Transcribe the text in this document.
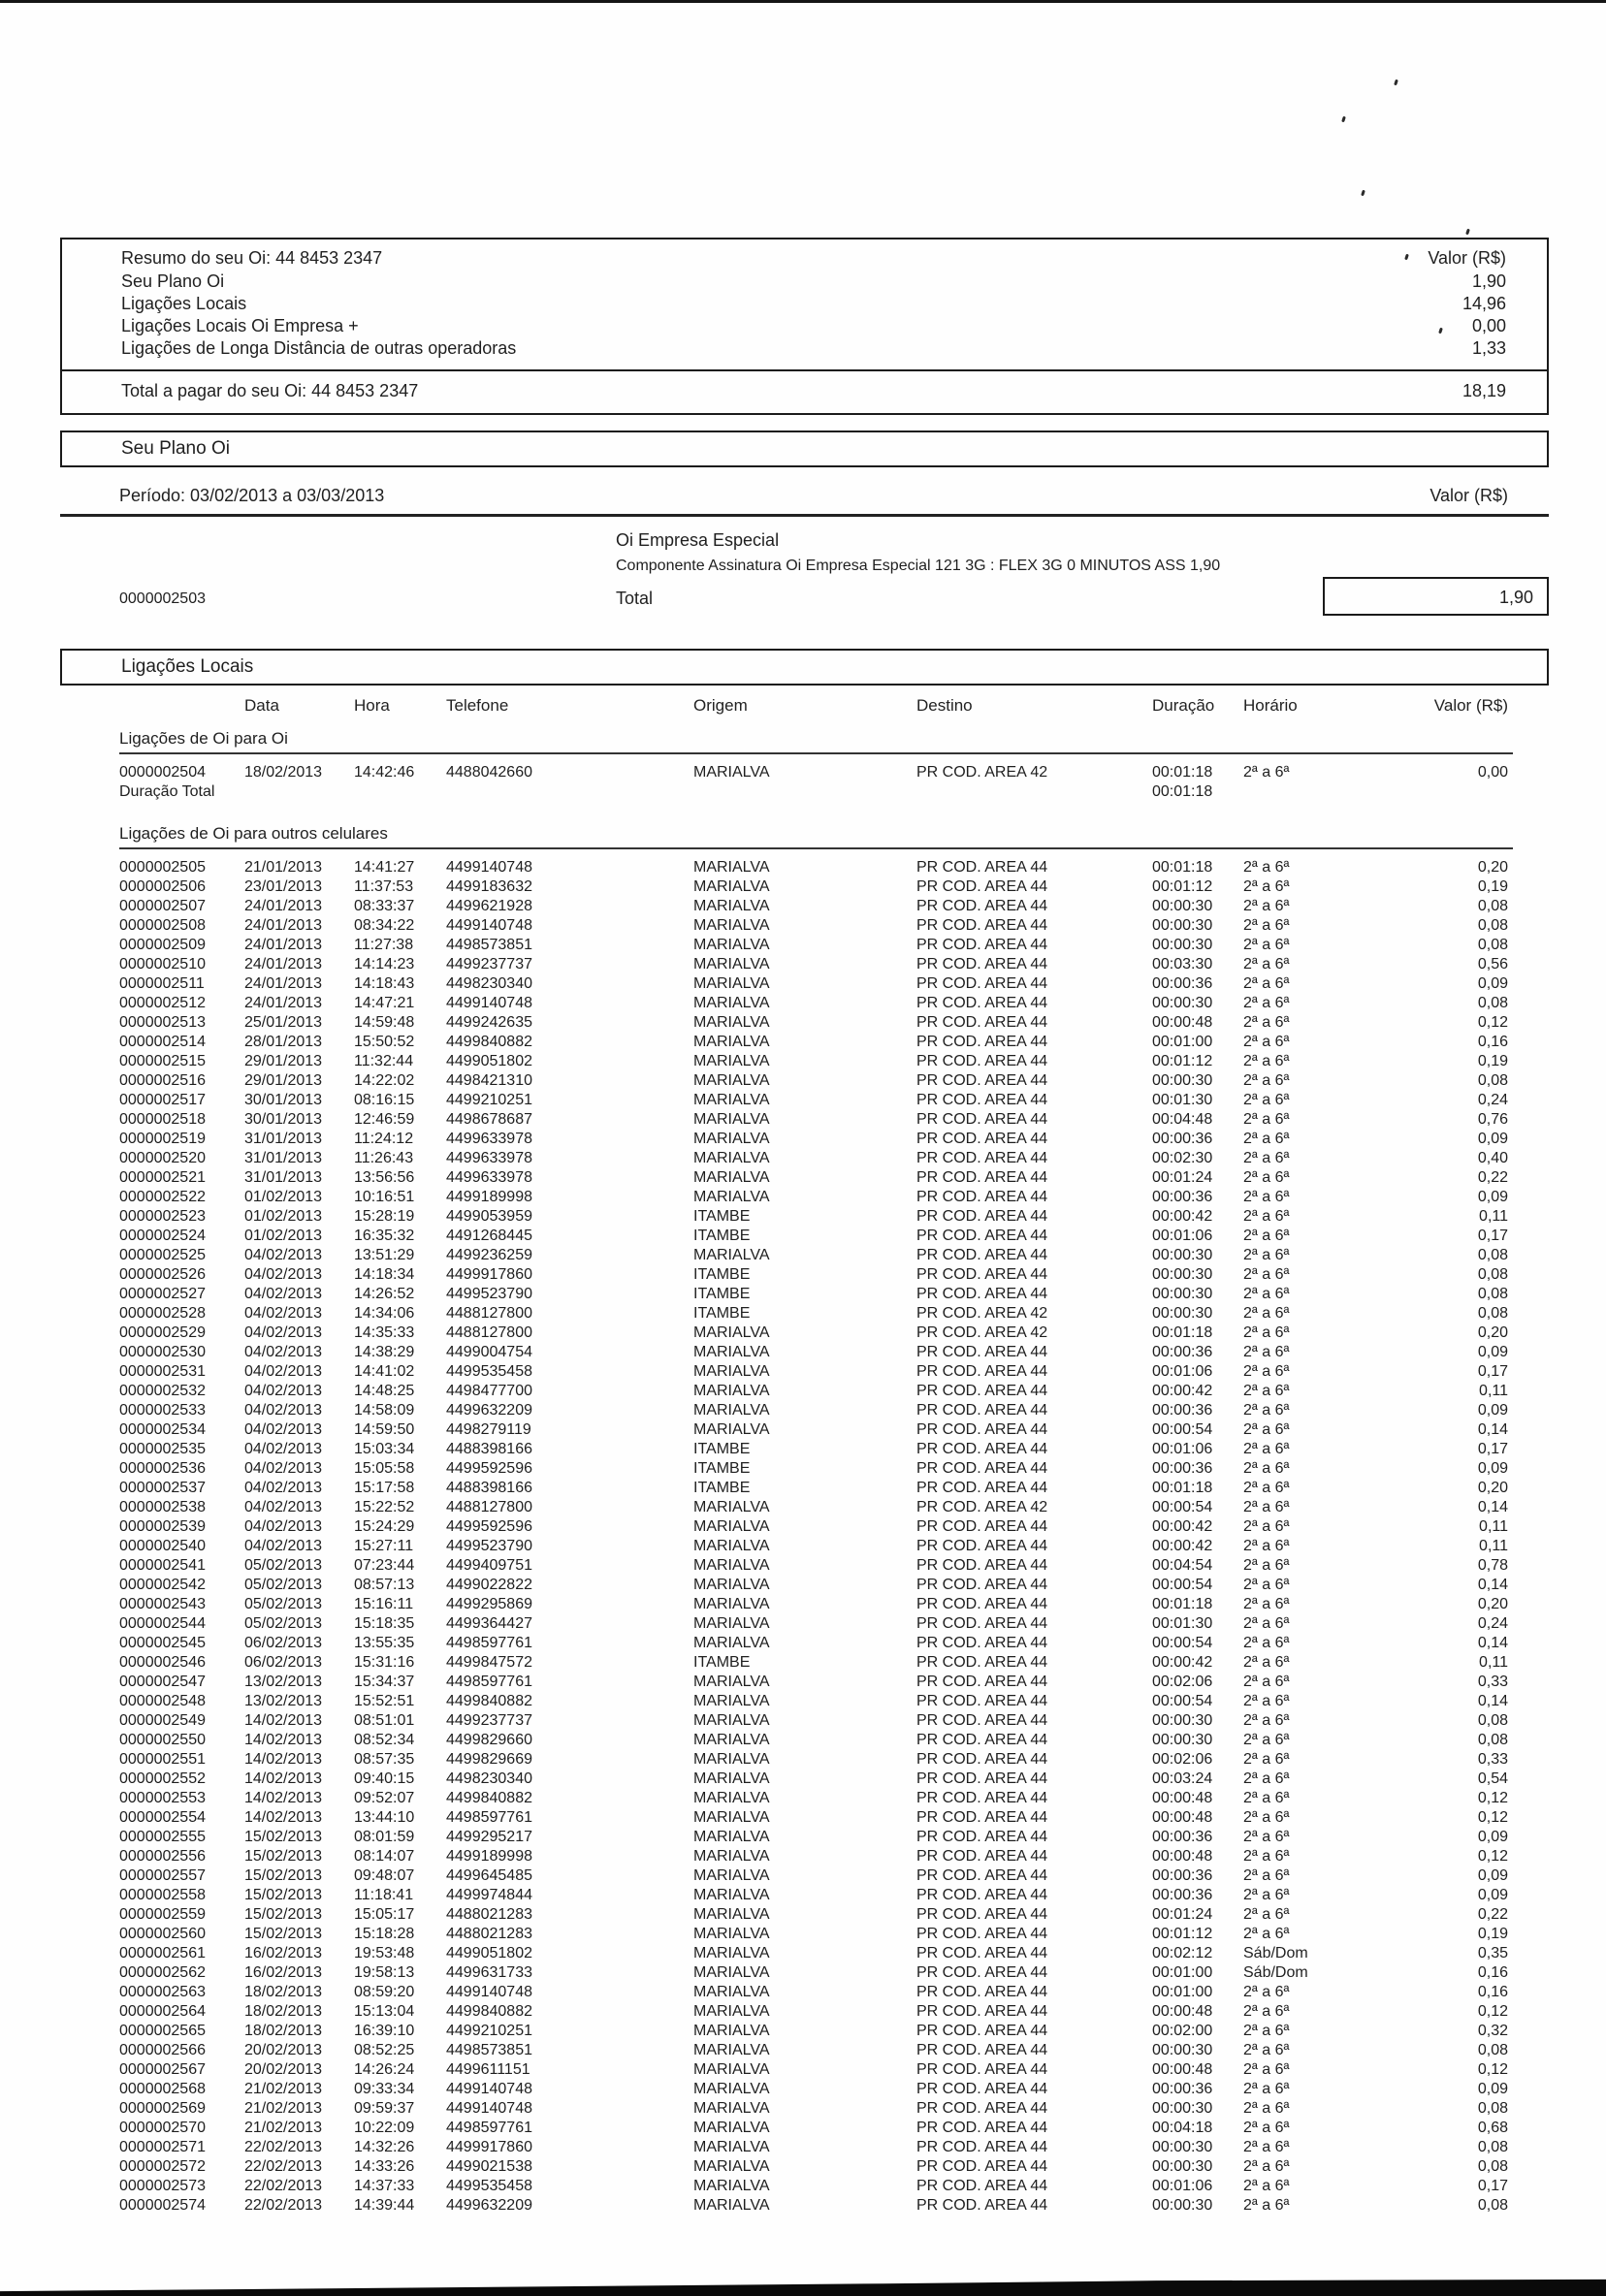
Resumo do seu Oi: 44 8453 2347	Valor (R$)
Seu Plano Oi	1,90
Ligações Locais	14,96
Ligações Locais Oi Empresa +	0,00
Ligações de Longa Distância de outras operadoras	1,33
Total a pagar do seu Oi: 44 8453 2347	18,19
Seu Plano Oi
Período: 03/02/2013 a 03/03/2013	Valor (R$)
Oi Empresa Especial
Componente Assinatura Oi Empresa Especial 121 3G : FLEX 3G 0 MINUTOS ASS 1,90
0000002503	Total	1,90
Ligações Locais
Data	Hora	Telefone	Origem	Destino	Duração	Horário	Valor (R$)
Ligações de Oi para Oi
0000002504	18/02/2013	14:42:46	4488042660	MARIALVA	PR COD. AREA 42	00:01:18	2ª a 6ª	0,00
Duração Total	00:01:18
Ligações de Oi para outros celulares
0000002505	21/01/2013	14:41:27	4499140748	MARIALVA	PR COD. AREA 44	00:01:18	2ª a 6ª	0,20
0000002506	23/01/2013	11:37:53	4499183632	MARIALVA	PR COD. AREA 44	00:01:12	2ª a 6ª	0,19
0000002507	24/01/2013	08:33:37	4499621928	MARIALVA	PR COD. AREA 44	00:00:30	2ª a 6ª	0,08
0000002508	24/01/2013	08:34:22	4499140748	MARIALVA	PR COD. AREA 44	00:00:30	2ª a 6ª	0,08
0000002509	24/01/2013	11:27:38	4498573851	MARIALVA	PR COD. AREA 44	00:00:30	2ª a 6ª	0,08
0000002510	24/01/2013	14:14:23	4499237737	MARIALVA	PR COD. AREA 44	00:03:30	2ª a 6ª	0,56
0000002511	24/01/2013	14:18:43	4498230340	MARIALVA	PR COD. AREA 44	00:00:36	2ª a 6ª	0,09
0000002512	24/01/2013	14:47:21	4499140748	MARIALVA	PR COD. AREA 44	00:00:30	2ª a 6ª	0,08
0000002513	25/01/2013	14:59:48	4499242635	MARIALVA	PR COD. AREA 44	00:00:48	2ª a 6ª	0,12
0000002514	28/01/2013	15:50:52	4499840882	MARIALVA	PR COD. AREA 44	00:01:00	2ª a 6ª	0,16
0000002515	29/01/2013	11:32:44	4499051802	MARIALVA	PR COD. AREA 44	00:01:12	2ª a 6ª	0,19
0000002516	29/01/2013	14:22:02	4498421310	MARIALVA	PR COD. AREA 44	00:00:30	2ª a 6ª	0,08
0000002517	30/01/2013	08:16:15	4499210251	MARIALVA	PR COD. AREA 44	00:01:30	2ª a 6ª	0,24
0000002518	30/01/2013	12:46:59	4498678687	MARIALVA	PR COD. AREA 44	00:04:48	2ª a 6ª	0,76
0000002519	31/01/2013	11:24:12	4499633978	MARIALVA	PR COD. AREA 44	00:00:36	2ª a 6ª	0,09
0000002520	31/01/2013	11:26:43	4499633978	MARIALVA	PR COD. AREA 44	00:02:30	2ª a 6ª	0,40
0000002521	31/01/2013	13:56:56	4499633978	MARIALVA	PR COD. AREA 44	00:01:24	2ª a 6ª	0,22
0000002522	01/02/2013	10:16:51	4499189998	MARIALVA	PR COD. AREA 44	00:00:36	2ª a 6ª	0,09
0000002523	01/02/2013	15:28:19	4499053959	ITAMBE	PR COD. AREA 44	00:00:42	2ª a 6ª	0,11
0000002524	01/02/2013	16:35:32	4491268445	ITAMBE	PR COD. AREA 44	00:01:06	2ª a 6ª	0,17
0000002525	04/02/2013	13:51:29	4499236259	MARIALVA	PR COD. AREA 44	00:00:30	2ª a 6ª	0,08
0000002526	04/02/2013	14:18:34	4499917860	ITAMBE	PR COD. AREA 44	00:00:30	2ª a 6ª	0,08
0000002527	04/02/2013	14:26:52	4499523790	ITAMBE	PR COD. AREA 44	00:00:30	2ª a 6ª	0,08
0000002528	04/02/2013	14:34:06	4488127800	ITAMBE	PR COD. AREA 42	00:00:30	2ª a 6ª	0,08
0000002529	04/02/2013	14:35:33	4488127800	MARIALVA	PR COD. AREA 42	00:01:18	2ª a 6ª	0,20
0000002530	04/02/2013	14:38:29	4499004754	MARIALVA	PR COD. AREA 44	00:00:36	2ª a 6ª	0,09
0000002531	04/02/2013	14:41:02	4499535458	MARIALVA	PR COD. AREA 44	00:01:06	2ª a 6ª	0,17
0000002532	04/02/2013	14:48:25	4498477700	MARIALVA	PR COD. AREA 44	00:00:42	2ª a 6ª	0,11
0000002533	04/02/2013	14:58:09	4499632209	MARIALVA	PR COD. AREA 44	00:00:36	2ª a 6ª	0,09
0000002534	04/02/2013	14:59:50	4498279119	MARIALVA	PR COD. AREA 44	00:00:54	2ª a 6ª	0,14
0000002535	04/02/2013	15:03:34	4488398166	ITAMBE	PR COD. AREA 44	00:01:06	2ª a 6ª	0,17
0000002536	04/02/2013	15:05:58	4499592596	ITAMBE	PR COD. AREA 44	00:00:36	2ª a 6ª	0,09
0000002537	04/02/2013	15:17:58	4488398166	ITAMBE	PR COD. AREA 44	00:01:18	2ª a 6ª	0,20
0000002538	04/02/2013	15:22:52	4488127800	MARIALVA	PR COD. AREA 42	00:00:54	2ª a 6ª	0,14
0000002539	04/02/2013	15:24:29	4499592596	MARIALVA	PR COD. AREA 44	00:00:42	2ª a 6ª	0,11
0000002540	04/02/2013	15:27:11	4499523790	MARIALVA	PR COD. AREA 44	00:00:42	2ª a 6ª	0,11
0000002541	05/02/2013	07:23:44	4499409751	MARIALVA	PR COD. AREA 44	00:04:54	2ª a 6ª	0,78
0000002542	05/02/2013	08:57:13	4499022822	MARIALVA	PR COD. AREA 44	00:00:54	2ª a 6ª	0,14
0000002543	05/02/2013	15:16:11	4499295869	MARIALVA	PR COD. AREA 44	00:01:18	2ª a 6ª	0,20
0000002544	05/02/2013	15:18:35	4499364427	MARIALVA	PR COD. AREA 44	00:01:30	2ª a 6ª	0,24
0000002545	06/02/2013	13:55:35	4498597761	MARIALVA	PR COD. AREA 44	00:00:54	2ª a 6ª	0,14
0000002546	06/02/2013	15:31:16	4499847572	ITAMBE	PR COD. AREA 44	00:00:42	2ª a 6ª	0,11
0000002547	13/02/2013	15:34:37	4498597761	MARIALVA	PR COD. AREA 44	00:02:06	2ª a 6ª	0,33
0000002548	13/02/2013	15:52:51	4499840882	MARIALVA	PR COD. AREA 44	00:00:54	2ª a 6ª	0,14
0000002549	14/02/2013	08:51:01	4499237737	MARIALVA	PR COD. AREA 44	00:00:30	2ª a 6ª	0,08
0000002550	14/02/2013	08:52:34	4499829660	MARIALVA	PR COD. AREA 44	00:00:30	2ª a 6ª	0,08
0000002551	14/02/2013	08:57:35	4499829669	MARIALVA	PR COD. AREA 44	00:02:06	2ª a 6ª	0,33
0000002552	14/02/2013	09:40:15	4498230340	MARIALVA	PR COD. AREA 44	00:03:24	2ª a 6ª	0,54
0000002553	14/02/2013	09:52:07	4499840882	MARIALVA	PR COD. AREA 44	00:00:48	2ª a 6ª	0,12
0000002554	14/02/2013	13:44:10	4498597761	MARIALVA	PR COD. AREA 44	00:00:48	2ª a 6ª	0,12
0000002555	15/02/2013	08:01:59	4499295217	MARIALVA	PR COD. AREA 44	00:00:36	2ª a 6ª	0,09
0000002556	15/02/2013	08:14:07	4499189998	MARIALVA	PR COD. AREA 44	00:00:48	2ª a 6ª	0,12
0000002557	15/02/2013	09:48:07	4499645485	MARIALVA	PR COD. AREA 44	00:00:36	2ª a 6ª	0,09
0000002558	15/02/2013	11:18:41	4499974844	MARIALVA	PR COD. AREA 44	00:00:36	2ª a 6ª	0,09
0000002559	15/02/2013	15:05:17	4488021283	MARIALVA	PR COD. AREA 44	00:01:24	2ª a 6ª	0,22
0000002560	15/02/2013	15:18:28	4488021283	MARIALVA	PR COD. AREA 44	00:01:12	2ª a 6ª	0,19
0000002561	16/02/2013	19:53:48	4499051802	MARIALVA	PR COD. AREA 44	00:02:12	Sáb/Dom	0,35
0000002562	16/02/2013	19:58:13	4499631733	MARIALVA	PR COD. AREA 44	00:01:00	Sáb/Dom	0,16
0000002563	18/02/2013	08:59:20	4499140748	MARIALVA	PR COD. AREA 44	00:01:00	2ª a 6ª	0,16
0000002564	18/02/2013	15:13:04	4499840882	MARIALVA	PR COD. AREA 44	00:00:48	2ª a 6ª	0,12
0000002565	18/02/2013	16:39:10	4499210251	MARIALVA	PR COD. AREA 44	00:02:00	2ª a 6ª	0,32
0000002566	20/02/2013	08:52:25	4498573851	MARIALVA	PR COD. AREA 44	00:00:30	2ª a 6ª	0,08
0000002567	20/02/2013	14:26:24	4499611151	MARIALVA	PR COD. AREA 44	00:00:48	2ª a 6ª	0,12
0000002568	21/02/2013	09:33:34	4499140748	MARIALVA	PR COD. AREA 44	00:00:36	2ª a 6ª	0,09
0000002569	21/02/2013	09:59:37	4499140748	MARIALVA	PR COD. AREA 44	00:00:30	2ª a 6ª	0,08
0000002570	21/02/2013	10:22:09	4498597761	MARIALVA	PR COD. AREA 44	00:04:18	2ª a 6ª	0,68
0000002571	22/02/2013	14:32:26	4499917860	MARIALVA	PR COD. AREA 44	00:00:30	2ª a 6ª	0,08
0000002572	22/02/2013	14:33:26	4499021538	MARIALVA	PR COD. AREA 44	00:00:30	2ª a 6ª	0,08
0000002573	22/02/2013	14:37:33	4499535458	MARIALVA	PR COD. AREA 44	00:01:06	2ª a 6ª	0,17
0000002574	22/02/2013	14:39:44	4499632209	MARIALVA	PR COD. AREA 44	00:00:30	2ª a 6ª	0,08
